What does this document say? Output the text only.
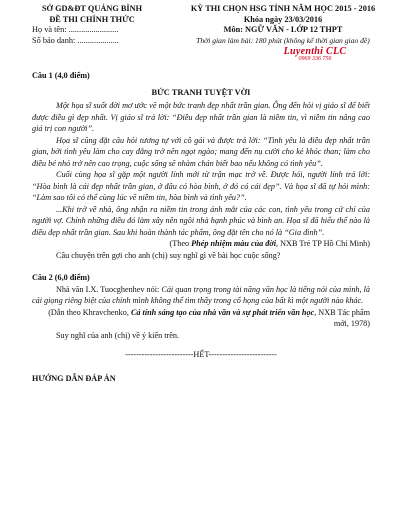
SỞ GD&ĐT QUẢNG BÌNH
ĐỀ THI CHÍNH THỨC
Họ và tên: ........................
Số báo danh: ....................
KỲ THI CHỌN HSG TỈNH NĂM HỌC 2015 - 2016
Khóa ngày 23/03/2016
Môn: NGỮ VĂN - LỚP 12 THPT
Thời gian làm bài: 180 phút (không kể thời gian giao đề)
Luyenthi CLC
0969 336 756

Câu 1 (4,0 điểm)

BỨC TRANH TUYỆT VỜI

Một họa sĩ suốt đời mơ ước vẽ một bức tranh đẹp nhất trần gian. Ông đến hỏi vị giáo sĩ để biết được điều gì đẹp nhất. Vị giáo sĩ trả lời: “Điều đẹp nhất trần gian là niềm tin, vì niềm tin nâng cao giá trị con người”.

Họa sĩ cũng đặt câu hỏi tương tự với cô gái và được trả lời: “Tình yêu là điều đẹp nhất trần gian, bởi tình yêu làm cho cay đắng trở nên ngọt ngào; mang đến nụ cười cho kẻ khóc than; làm cho điều bé nhỏ trở nên cao trọng, cuộc sống sẽ nhàm chán biết bao nếu không có tình yêu”.

Cuối cùng họa sĩ gặp một người lính mới từ trận mạc trở về. Được hỏi, người lính trả lời: “Hòa bình là cái đẹp nhất trần gian, ở đâu có hòa bình, ở đó có cái đẹp”. Và họa sĩ đã tự hỏi mình: “Làm sao tôi có thể cùng lúc vẽ niềm tin, hòa bình và tình yêu?”.

...Khi trở về nhà, ông nhận ra niềm tin trong ánh mắt của các con, tình yêu trong cử chỉ của người vợ. Chính những điều đó làm xây nên ngôi nhà hạnh phúc và bình an. Họa sĩ đã hiểu thế nào là điều đẹp nhất trần gian. Sau khi hoàn thành tác phẩm, ông đặt tên cho nó là “Gia đình”.

(Theo Phép nhiệm màu của đời, NXB Trẻ TP Hồ Chí Minh)

Câu chuyện trên gợi cho anh (chị) suy nghĩ gì về bài học cuộc sống?

Câu 2 (6,0 điểm)

Nhà văn I.X. Tuocghenhev nói: Cái quan trọng trong tài năng văn học là tiếng nói của mình, là cái giọng riêng biệt của chính mình không thể tìm thấy trong cổ họng của bất kì một người nào khác.

(Dẫn theo Khravchenko, Cá tính sáng tạo của nhà văn và sự phát triển văn học, NXB Tác phẩm mới, 1978)

Suy nghĩ của anh (chị) về ý kiến trên.

-------------------------HẾT-------------------------

HƯỚNG DẪN ĐÁP ÁN
